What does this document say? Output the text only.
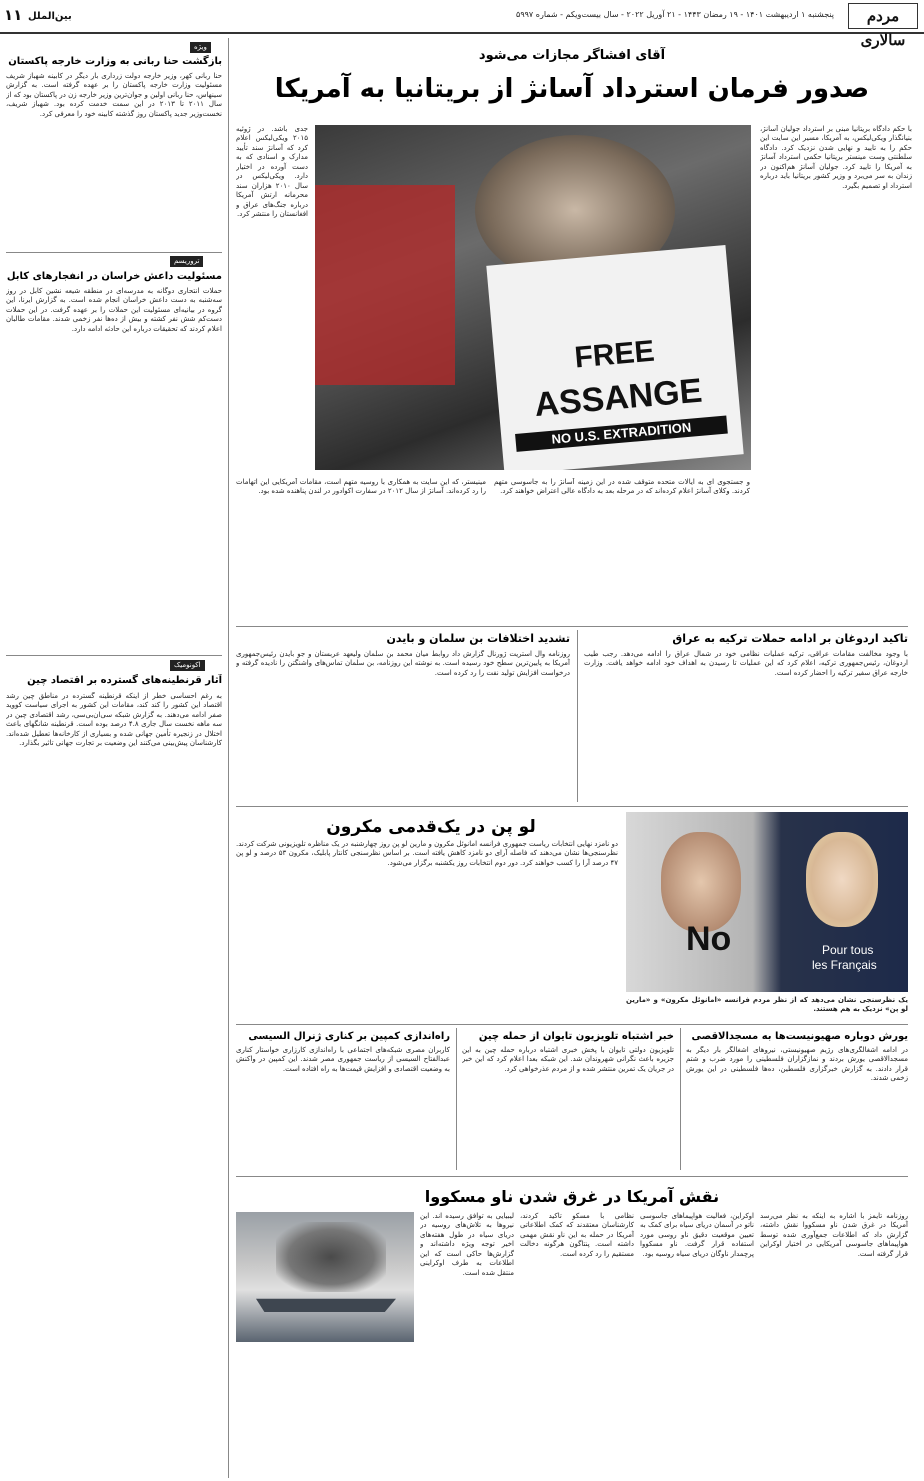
مردم سالاری
پنجشنبه ۱ اردیبهشت ۱۴۰۱ - ۱۹ رمضان ۱۴۴۳ - ۲۱ آوریل ۲۰۲۲ - سال بیست‌ویکم - شماره ۵۹۹۷
بین‌الملل
۱۱
آقای افشاگر مجازات می‌شود
صدور فرمان استرداد آسانژ از بریتانیا به آمریکا
FREE
ASSANGE
NO U.S. EXTRADITION
با حکم دادگاه بریتانیا مبنی بر استرداد جولیان آسانژ، بنیانگذار ویکی‌لیکس، به آمریکا، مسیر این سایت این حکم را به تایید و نهایی شدن نزدیک کرد. دادگاه سلطنتی وست مینستر بریتانیا حکمی استرداد آسانژ به آمریکا را تایید کرد. جولیان آسانژ هم‌اکنون در زندان به سر می‌برد و وزیر کشور بریتانیا باید درباره استرداد او تصمیم بگیرد.
جدی باشد. در ژوئیه ۲۰۱۵ ویکی‌لیکس اعلام کرد که آسانژ سند تأیید مدارک و اسنادی که به دست آورده در اختیار دارد. ویکی‌لیکس در سال ۲۰۱۰ هزاران سند محرمانه ارتش آمریکا درباره جنگ‌های عراق و افغانستان را منتشر کرد.
مینیستر، که این سایت به همکاری با روسیه متهم است، مقامات آمریکایی این اتهامات را رد کرده‌اند. آسانژ از سال ۲۰۱۲ در سفارت اکوادور در لندن پناهنده شده بود.
و جستجوی ای به ایالات متحده متوقف شده در این زمینه آسانژ را به جاسوسی متهم کردند. وکلای آسانژ اعلام کرده‌اند که در مرحله بعد به دادگاه عالی اعتراض خواهند کرد.
ویژه
بازگشت حنا ربانی به وزارت خارجه پاکستان
حنا ربانی کهر، وزیر خارجه دولت زرداری بار دیگر در کابینه شهباز شریف مسئولیت وزارت خارجه پاکستان را بر عهده گرفته است. به گزارش سینهاس، حنا ربانی اولین و جوان‌ترین وزیر خارجه زن در پاکستان بود که از سال ۲۰۱۱ تا ۲۰۱۳ در این سمت خدمت کرده بود. شهباز شریف، نخست‌وزیر جدید پاکستان روز گذشته کابینه خود را معرفی کرد.
تروریسم
مسئولیت داعش خراسان در انفجارهای کابل
حملات انتحاری دوگانه به مدرسه‌ای در منطقه شیعه نشین کابل در روز سه‌شنبه به دست داعش خراسان انجام شده است. به گزارش ایرنا، این گروه در بیانیه‌ای مسئولیت این حملات را بر عهده گرفت. در این حملات دست‌کم شش نفر کشته و بیش از ده‌ها نفر زخمی شدند. مقامات طالبان اعلام کردند که تحقیقات درباره این حادثه ادامه دارد.
اکونومیک
آثار قرنطینه‌های گسترده بر اقتصاد چین
به رغم احساسی خطر از اینکه قرنطینه گسترده در مناطق چین رشد اقتصاد این کشور را کند کند، مقامات این کشور به اجرای سیاست کووید صفر ادامه می‌دهند. به گزارش شبکه سی‌ان‌بی‌سی، رشد اقتصادی چین در سه ماهه نخست سال جاری ۴.۸ درصد بوده است. قرنطینه شانگهای باعث اختلال در زنجیره تأمین جهانی شده و بسیاری از کارخانه‌ها تعطیل شده‌اند. کارشناسان پیش‌بینی می‌کنند این وضعیت بر تجارت جهانی تاثیر بگذارد.
تاکید اردوغان بر ادامه حملات ترکیه به عراق
با وجود مخالفت مقامات عراقی، ترکیه عملیات نظامی خود در شمال عراق را ادامه می‌دهد. رجب طیب اردوغان، رئیس‌جمهوری ترکیه، اعلام کرد که این عملیات تا رسیدن به اهداف خود ادامه خواهد یافت. وزارت خارجه عراق سفیر ترکیه را احضار کرده است.
تشدید اختلافات بن سلمان و بایدن
روزنامه وال استریت ژورنال گزارش داد روابط میان محمد بن سلمان ولیعهد عربستان و جو بایدن رئیس‌جمهوری آمریکا به پایین‌ترین سطح خود رسیده است. به نوشته این روزنامه، بن سلمان تماس‌های واشنگتن را نادیده گرفته و درخواست افزایش تولید نفت را رد کرده است.
لو پن در یک‌قدمی مکرون
No	Pour tous
les Français
یک نظرسنجی نشان می‌دهد که از نظر مردم فرانسه «امانوئل مکرون» و «مارین لو پن» نزدیک به هم هستند.
دو نامزد نهایی انتخابات ریاست جمهوری فرانسه امانوئل مکرون و مارین لو پن روز چهارشنبه در یک مناظره تلویزیونی شرکت کردند. نظرسنجی‌ها نشان می‌دهند که فاصله آرای دو نامزد کاهش یافته است. بر اساس نظرسنجی کانتار پابلیک، مکرون ۵۳ درصد و لو پن ۴۷ درصد آرا را کسب خواهند کرد. دور دوم انتخابات روز یکشنبه برگزار می‌شود.
یورش دوباره صهیونیست‌ها به مسجدالاقصی
در ادامه اشغالگری‌های رژیم صهیونیستی، نیروهای اشغالگر بار دیگر به مسجدالاقصی یورش بردند و نمازگزاران فلسطینی را مورد ضرب و شتم قرار دادند. به گزارش خبرگزاری فلسطین، ده‌ها فلسطینی در این یورش زخمی شدند.
خبر اشتباه تلویزیون تایوان از حمله چین
تلویزیون دولتی تایوان با پخش خبری اشتباه درباره حمله چین به این جزیره باعث نگرانی شهروندان شد. این شبکه بعدا اعلام کرد که این خبر در جریان یک تمرین منتشر شده و از مردم عذرخواهی کرد.
راه‌اندازی کمپین بر کناری ژنرال السیسی
کاربران مصری شبکه‌های اجتماعی با راه‌اندازی کارزاری خواستار کناری عبدالفتاح السیسی از ریاست جمهوری مصر شدند. این کمپین در واکنش به وضعیت اقتصادی و افزایش قیمت‌ها به راه افتاده است.
نقش آمریکا در غرق شدن ناو مسکووا
روزنامه تایمز با اشاره به اینکه به نظر می‌رسد آمریکا در غرق شدن ناو مسکووا نقش داشته، گزارش داد که اطلاعات جمع‌آوری شده توسط هواپیماهای جاسوسی آمریکایی در اختیار اوکراین قرار گرفته است.
اوکراین، فعالیت هواپیماهای جاسوسی ناتو در آسمان دریای سیاه برای کمک به تعیین موقعیت دقیق ناو روسی مورد استفاده قرار گرفت. ناو مسکووا پرچمدار ناوگان دریای سیاه روسیه بود.
نظامی با مسکو تاکید کردند، کارشناسان معتقدند که کمک اطلاعاتی آمریکا در حمله به این ناو نقش مهمی داشته است. پنتاگون هرگونه دخالت مستقیم را رد کرده است.
لیبیایی به توافق رسیده اند. این نیروها به تلاش‌های روسیه در دریای سیاه در طول هفته‌های اخیر توجه ویژه داشته‌اند و گزارش‌ها حاکی است که این اطلاعات به طرف اوکراینی منتقل شده است.
